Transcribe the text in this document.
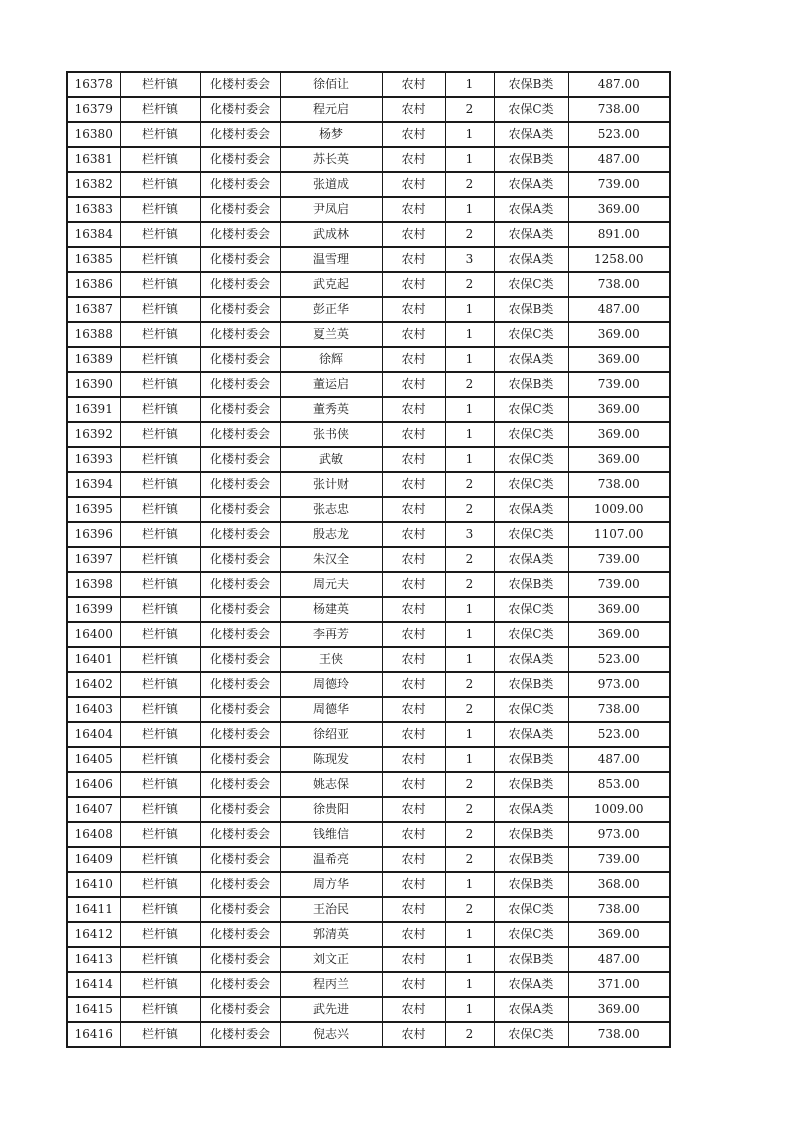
16378	栏杆镇	化楼村委会	徐佰让	农村	1	农保B类	487.00
16379	栏杆镇	化楼村委会	程元启	农村	2	农保C类	738.00
16380	栏杆镇	化楼村委会	杨梦	农村	1	农保A类	523.00
16381	栏杆镇	化楼村委会	苏长英	农村	1	农保B类	487.00
16382	栏杆镇	化楼村委会	张道成	农村	2	农保A类	739.00
16383	栏杆镇	化楼村委会	尹凤启	农村	1	农保A类	369.00
16384	栏杆镇	化楼村委会	武成林	农村	2	农保A类	891.00
16385	栏杆镇	化楼村委会	温雪理	农村	3	农保A类	1258.00
16386	栏杆镇	化楼村委会	武克起	农村	2	农保C类	738.00
16387	栏杆镇	化楼村委会	彭正华	农村	1	农保B类	487.00
16388	栏杆镇	化楼村委会	夏兰英	农村	1	农保C类	369.00
16389	栏杆镇	化楼村委会	徐辉	农村	1	农保A类	369.00
16390	栏杆镇	化楼村委会	董运启	农村	2	农保B类	739.00
16391	栏杆镇	化楼村委会	董秀英	农村	1	农保C类	369.00
16392	栏杆镇	化楼村委会	张书侠	农村	1	农保C类	369.00
16393	栏杆镇	化楼村委会	武敏	农村	1	农保C类	369.00
16394	栏杆镇	化楼村委会	张计财	农村	2	农保C类	738.00
16395	栏杆镇	化楼村委会	张志忠	农村	2	农保A类	1009.00
16396	栏杆镇	化楼村委会	殷志龙	农村	3	农保C类	1107.00
16397	栏杆镇	化楼村委会	朱汉全	农村	2	农保A类	739.00
16398	栏杆镇	化楼村委会	周元夫	农村	2	农保B类	739.00
16399	栏杆镇	化楼村委会	杨建英	农村	1	农保C类	369.00
16400	栏杆镇	化楼村委会	李再芳	农村	1	农保C类	369.00
16401	栏杆镇	化楼村委会	王侠	农村	1	农保A类	523.00
16402	栏杆镇	化楼村委会	周德玲	农村	2	农保B类	973.00
16403	栏杆镇	化楼村委会	周德华	农村	2	农保C类	738.00
16404	栏杆镇	化楼村委会	徐绍亚	农村	1	农保A类	523.00
16405	栏杆镇	化楼村委会	陈现发	农村	1	农保B类	487.00
16406	栏杆镇	化楼村委会	姚志保	农村	2	农保B类	853.00
16407	栏杆镇	化楼村委会	徐贵阳	农村	2	农保A类	1009.00
16408	栏杆镇	化楼村委会	钱维信	农村	2	农保B类	973.00
16409	栏杆镇	化楼村委会	温希亮	农村	2	农保B类	739.00
16410	栏杆镇	化楼村委会	周方华	农村	1	农保B类	368.00
16411	栏杆镇	化楼村委会	王治民	农村	2	农保C类	738.00
16412	栏杆镇	化楼村委会	郭清英	农村	1	农保C类	369.00
16413	栏杆镇	化楼村委会	刘文正	农村	1	农保B类	487.00
16414	栏杆镇	化楼村委会	程丙兰	农村	1	农保A类	371.00
16415	栏杆镇	化楼村委会	武先进	农村	1	农保A类	369.00
16416	栏杆镇	化楼村委会	倪志兴	农村	2	农保C类	738.00
